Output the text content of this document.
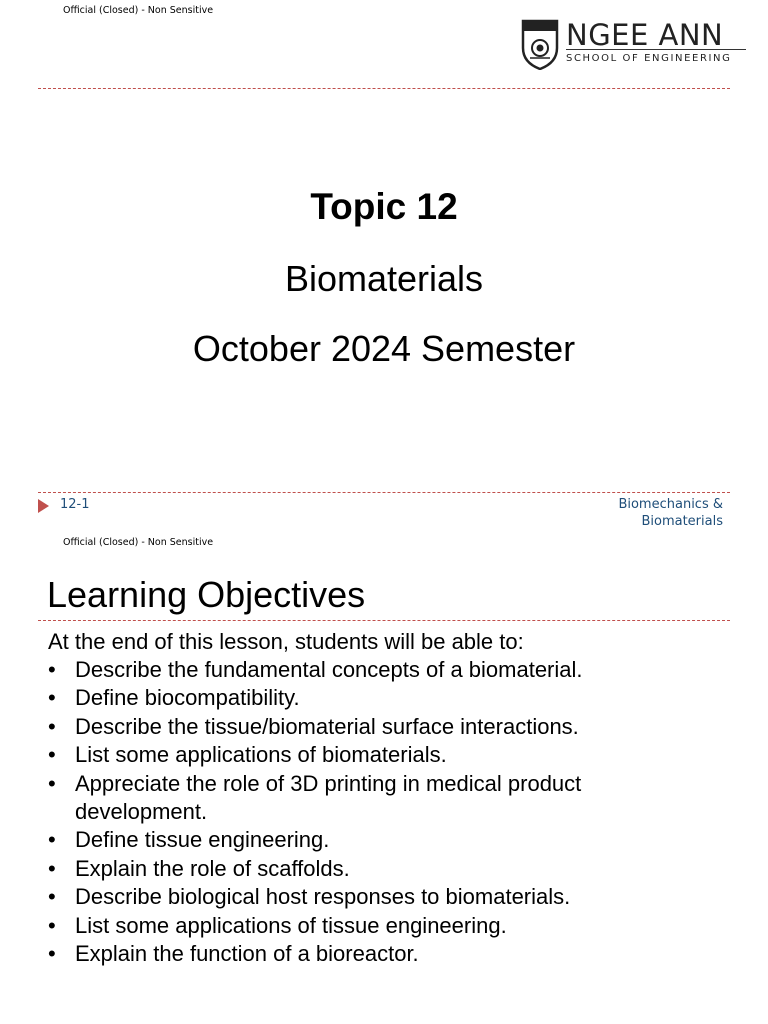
Official (Closed) - Non Sensitive
NGEE ANN
SCHOOL OF ENGINEERING
Topic 12
Biomaterials
October 2024 Semester
12-1	Biomechanics &
Biomaterials
Official (Closed) - Non Sensitive
Learning Objectives
At the end of this lesson, students will be able to:
• Describe the fundamental concepts of a biomaterial.
• Define biocompatibility.
• Describe the tissue/biomaterial surface interactions.
• List some applications of biomaterials.
• Appreciate the role of 3D printing in medical product development.
• Define tissue engineering.
• Explain the role of scaffolds.
• Describe biological host responses to biomaterials.
• List some applications of tissue engineering.
• Explain the function of a bioreactor.
